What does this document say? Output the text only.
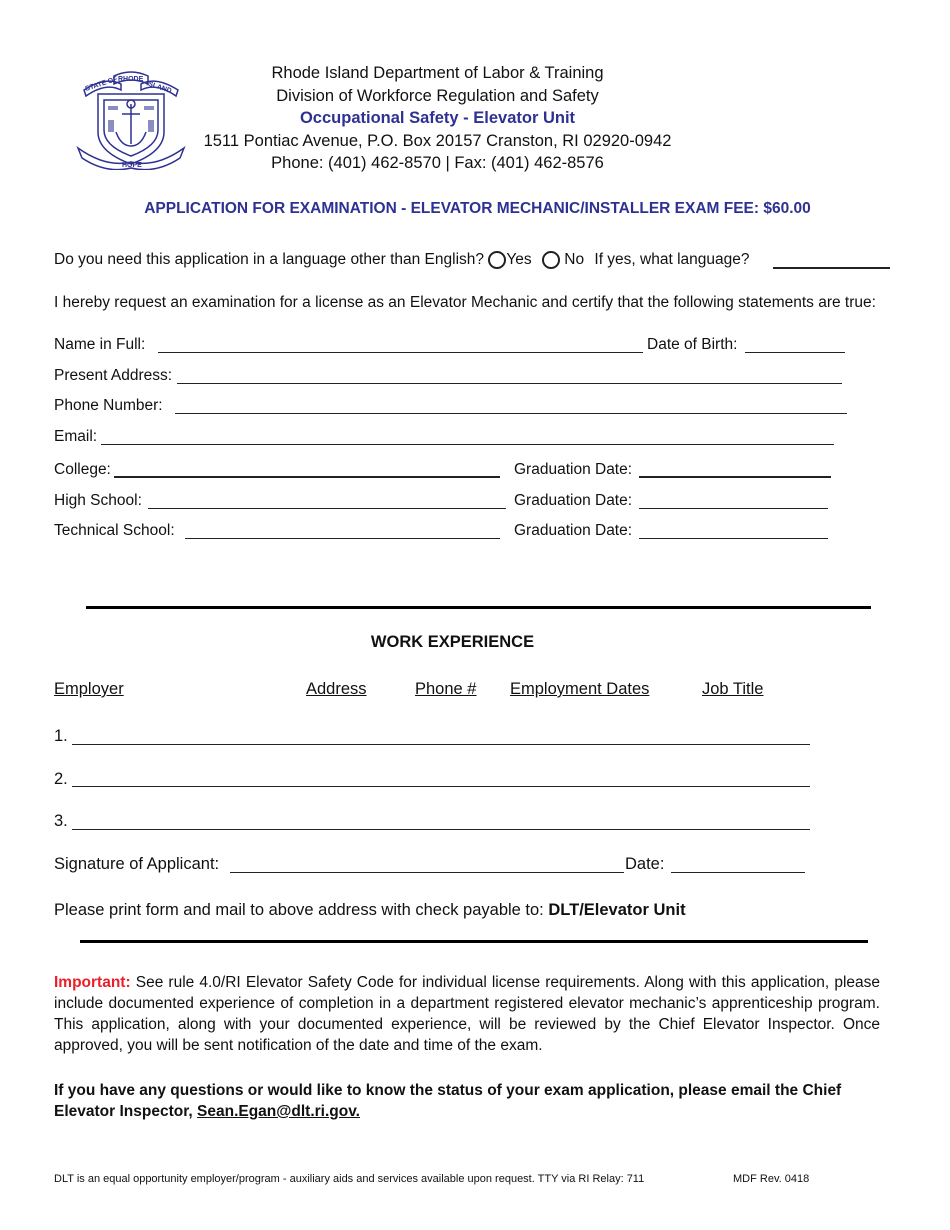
RHODE
STATE OF	ISLAND
HOPE
Rhode Island Department of Labor & Training
Division of Workforce Regulation and Safety
Occupational Safety - Elevator Unit
1511 Pontiac Avenue, P.O. Box 20157 Cranston, RI 02920-0942
Phone: (401) 462-8570 | Fax: (401) 462-8576
APPLICATION FOR EXAMINATION - ELEVATOR MECHANIC/INSTALLER EXAM FEE: $60.00
Do you need this application in a language other than English? Yes No If yes, what language?
I hereby request an examination for a license as an Elevator Mechanic and certify that the following statements are true:
Name in Full:	Date of Birth:
Present Address:
Phone Number:
Email:
College:	Graduation Date:
High School:	Graduation Date:
Technical School:	Graduation Date:
WORK EXPERIENCE
Employer	Address	Phone # Employment Dates	Job Title
1.
2.
3.
Signature of Applicant:	Date:
Please print form and mail to above address with check payable to: DLT/Elevator Unit
Important: See rule 4.0/RI Elevator Safety Code for individual license requirements. Along with this application, please include documented experience of completion in a department registered elevator mechanic’s apprenticeship program. This application, along with your documented experience, will be reviewed by the Chief Elevator Inspector. Once approved, you will be sent notification of the date and time of the exam.
If you have any questions or would like to know the status of your exam application, please email the Chief Elevator Inspector, Sean.Egan@dlt.ri.gov.
DLT is an equal opportunity employer/program - auxiliary aids and services available upon request. TTY via RI Relay: 711	MDF Rev. 0418
